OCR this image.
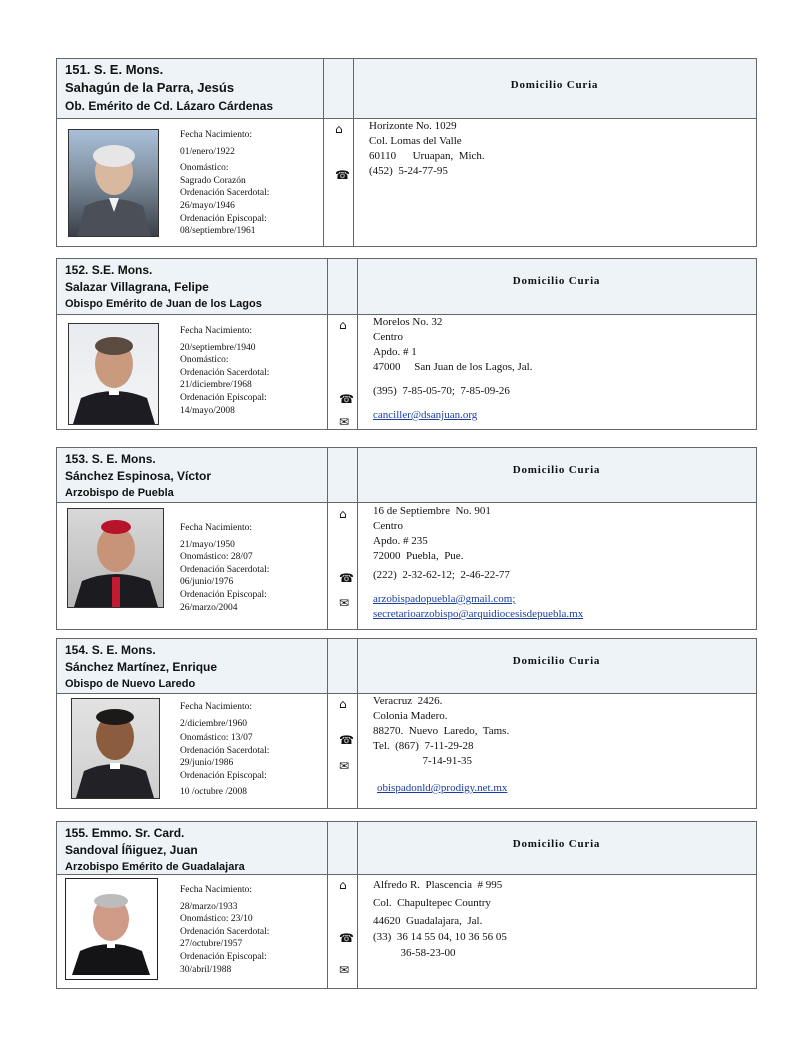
151. S. E. Mons.
Sahagún de la Parra, Jesús
Ob. Emérito de Cd. Lázaro Cárdenas
Domicilio Curia
Fecha Nacimiento:
01/enero/1922
Onomástico:
Sagrado Corazón
Ordenación Sacerdotal:
26/mayo/1946
Ordenación Episcopal:
08/septiembre/1961
⌂
☎
Horizonte No. 1029
Col. Lomas del Valle
60110      Uruapan,  Mich.
(452)  5-24-77-95
152. S.E. Mons.
Salazar Villagrana, Felipe
Obispo Emérito de Juan de los Lagos
Domicilio Curia
Fecha Nacimiento:
20/septiembre/1940
Onomástico:
Ordenación Sacerdotal:
21/diciembre/1968
Ordenación Episcopal:
14/mayo/2008
⌂
☎
✉
Morelos No. 32
Centro
Apdo. # 1
47000     San Juan de los Lagos, Jal.
(395)  7-85-05-70;  7-85-09-26
canciller@dsanjuan.org
153. S. E. Mons.
Sánchez Espinosa, Víctor
Arzobispo de Puebla
Domicilio Curia
Fecha Nacimiento:
21/mayo/1950
Onomástico: 28/07
Ordenación Sacerdotal:
06/junio/1976
Ordenación Episcopal:
26/marzo/2004
⌂
☎
✉
16 de Septiembre  No. 901
Centro
Apdo. # 235
72000  Puebla,  Pue.
(222)  2-32-62-12;  2-46-22-77
arzobispadopuebla@gmail.com;
secretarioarzobispo@arquidiocesisdepuebla.mx
154. S. E. Mons.
Sánchez Martínez, Enrique
Obispo de Nuevo Laredo
Domicilio Curia
Fecha Nacimiento:
2/diciembre/1960
Onomástico: 13/07
Ordenación Sacerdotal:
29/junio/1986
Ordenación Episcopal:
10 /octubre /2008
⌂
☎
✉
Veracruz  2426.
Colonia Madero.
88270.  Nuevo  Laredo,  Tams.
Tel.  (867)  7-11-29-28
7-14-91-35
obispadonld@prodigy.net.mx
155. Emmo. Sr. Card.
Sandoval Íñiguez, Juan
Arzobispo Emérito de Guadalajara
Domicilio Curia
Fecha Nacimiento:
28/marzo/1933
Onomástico: 23/10
Ordenación Sacerdotal:
27/octubre/1957
Ordenación Episcopal:
30/abril/1988
⌂
☎
✉
Alfredo R.  Plascencia  # 995
Col.  Chapultepec Country
44620  Guadalajara,  Jal.
(33)  36 14 55 04, 10 36 56 05
36-58-23-00
